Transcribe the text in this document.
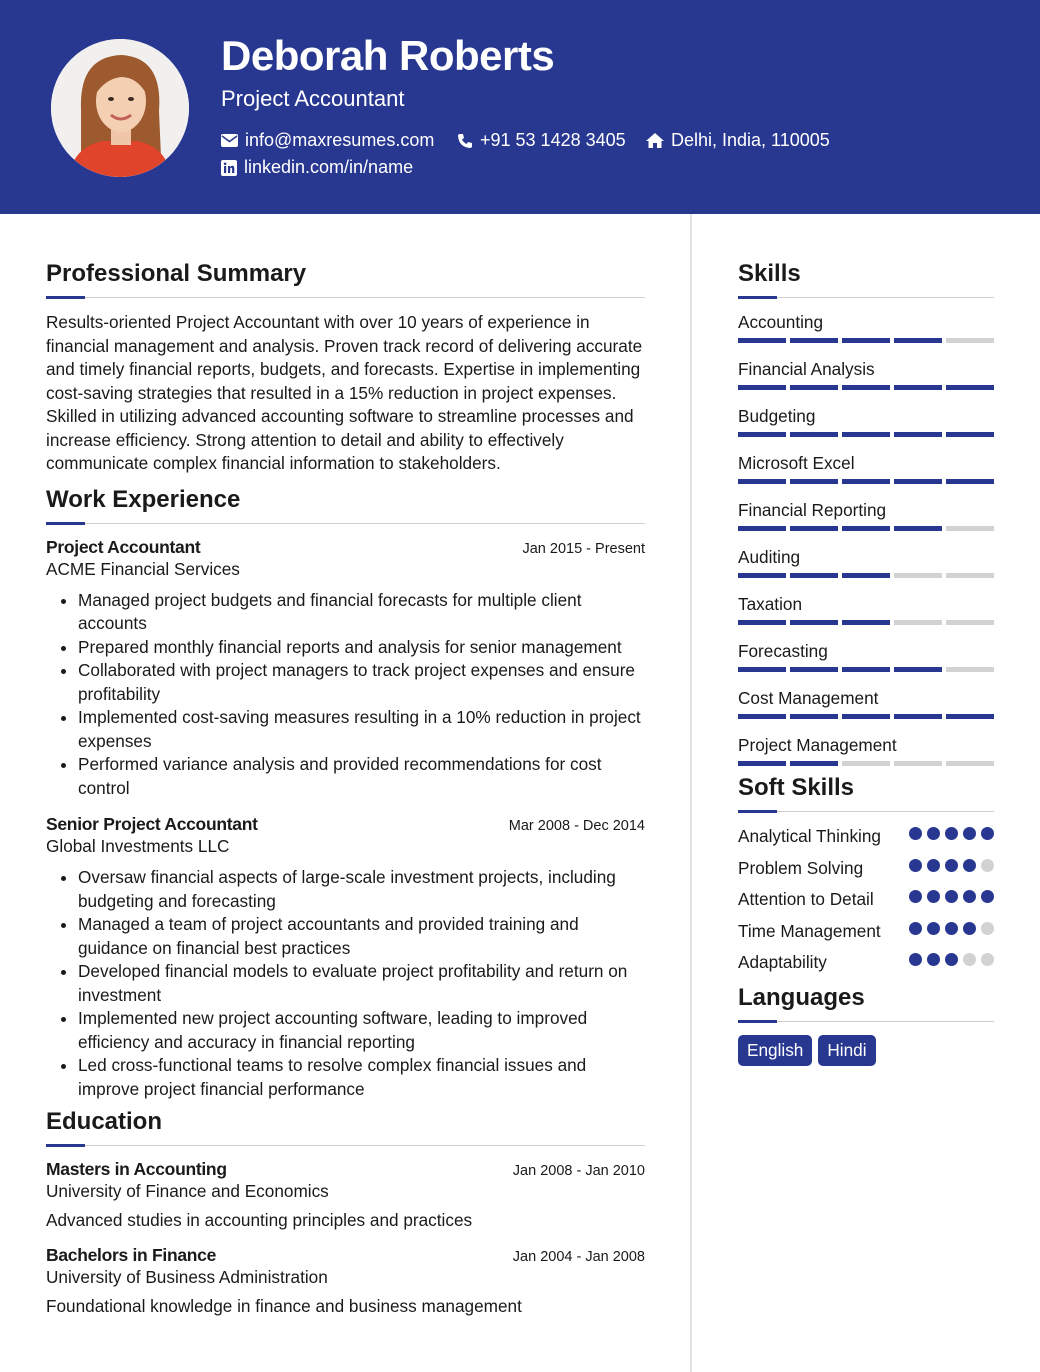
Deborah Roberts
Project Accountant
info@maxresumes.com	+91 53 1428 3405	Delhi, India, 110005
linkedin.com/in/name
Professional Summary

Results-oriented Project Accountant with over 10 years of experience in financial management and analysis. Proven track record of delivering accurate and timely financial reports, budgets, and forecasts. Expertise in implementing cost-saving strategies that resulted in a 15% reduction in project expenses. Skilled in utilizing advanced accounting software to streamline processes and increase efficiency. Strong attention to detail and ability to effectively communicate complex financial information to stakeholders.

Work Experience
Project Accountant	Jan 2015 - Present
ACME Financial Services
• Managed project budgets and financial forecasts for multiple client accounts
• Prepared monthly financial reports and analysis for senior management
• Collaborated with project managers to track project expenses and ensure profitability
• Implemented cost-saving measures resulting in a 10% reduction in project expenses
• Performed variance analysis and provided recommendations for cost control
Senior Project Accountant	Mar 2008 - Dec 2014
Global Investments LLC
• Oversaw financial aspects of large-scale investment projects, including budgeting and forecasting
• Managed a team of project accountants and provided training and guidance on financial best practices
• Developed financial models to evaluate project profitability and return on investment
• Implemented new project accounting software, leading to improved efficiency and accuracy in financial reporting
• Led cross-functional teams to resolve complex financial issues and improve project financial performance
Education
Masters in Accounting	Jan 2008 - Jan 2010
University of Finance and Economics
Advanced studies in accounting principles and practices
Bachelors in Finance	Jan 2004 - Jan 2008
University of Business Administration
Foundational knowledge in finance and business management
Skills
Accounting
Financial Analysis
Budgeting
Microsoft Excel
Financial Reporting
Auditing
Taxation
Forecasting
Cost Management
Project Management
Soft Skills
Analytical Thinking
Problem Solving
Attention to Detail
Time Management
Adaptability
Languages
English	Hindi
